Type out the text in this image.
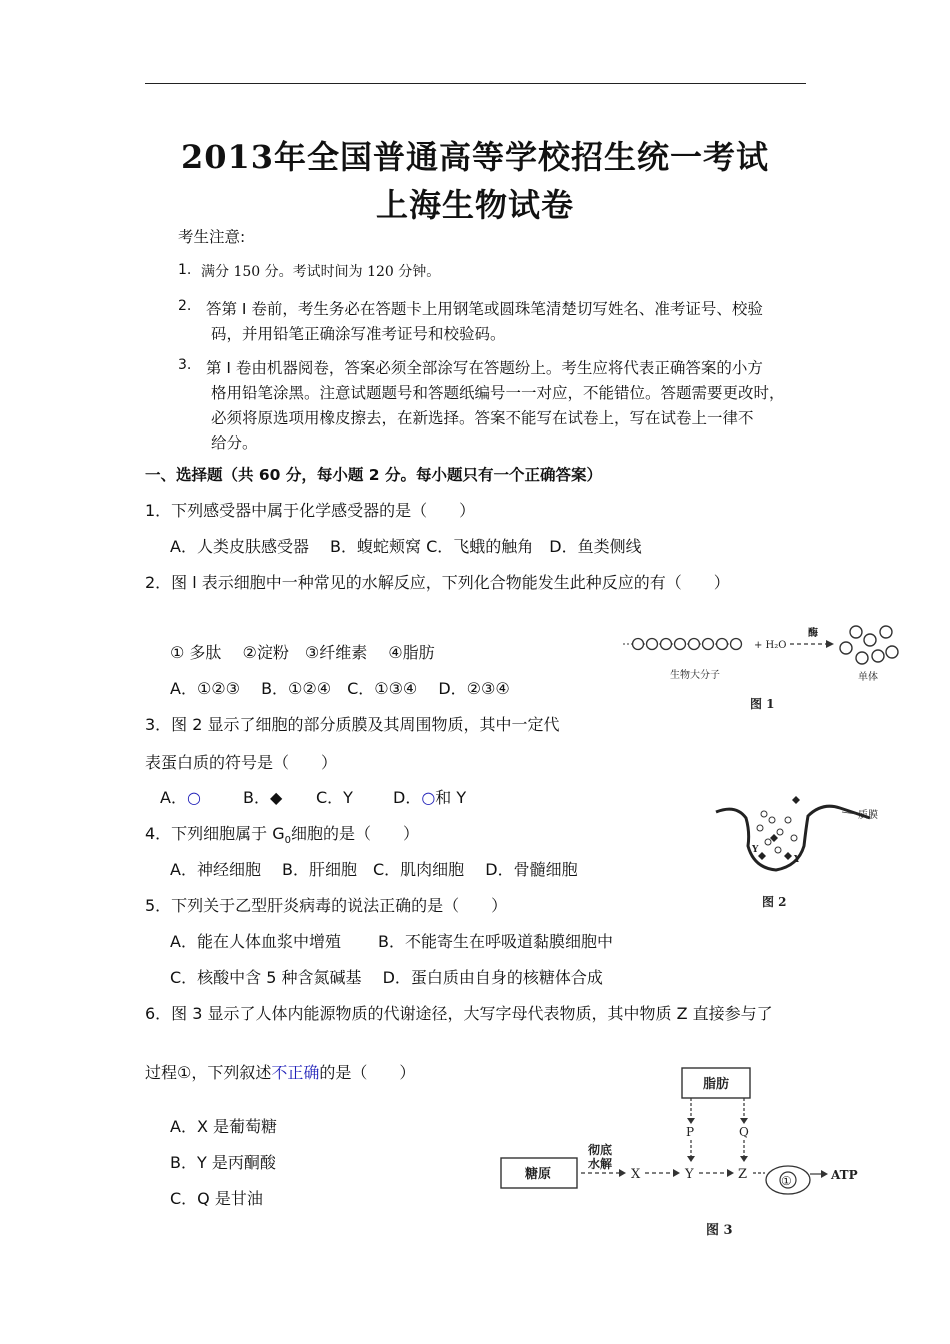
2013年全国普通高等学校招生统一考试
上海生物试卷
考生注意:
1. 满分 150 分。考试时间为 120 分钟。
2. 答第 I 卷前，考生务必在答题卡上用钢笔或圆珠笔清楚切写姓名、准考证号、校验
码，并用铅笔正确涂写准考证号和校验码。
3. 第 I 卷由机器阅卷，答案必须全部涂写在答题纷上。考生应将代表正确答案的小方
格用铅笔涂黑。注意试题题号和答题纸编号一一对应，不能错位。答题需要更改时，
必须将原选项用橡皮擦去，在新选择。答案不能写在试卷上，写在试卷上一律不
给分。
一、选择题（共 60 分，每小题 2 分。每小题只有一个正确答案）
1．下列感受器中属于化学感受器的是（　　）
A．人类皮肤感受器　 B．蝮蛇颊窝 C．飞蛾的触角　D．鱼类侧线
2．图 l 表示细胞中一种常见的水解反应，下列化合物能发生此种反应的有（　　）
① 多肽　 ②淀粉　③纤维素　 ④脂肪
A．①②③　 B．①②④　C．①③④　 D．②③④
3．图 2 显示了细胞的部分质膜及其周围物质，其中一定代
表蛋白质的符号是（　　）
A．○	B．◆ C．Y	D．○和 Y
4．下列细胞属于 $G_0$细胞的是（　　）
A．神经细胞　 B．肝细胞　C．肌肉细胞　 D．骨髓细胞
5．下列关于乙型肝炎病毒的说法正确的是（　　）
A．能在人体血浆中增殖　　 B．不能寄生在呼吸道黏膜细胞中
C．核酸中含 5 种含氮碱基　 D．蛋白质由自身的核糖体合成
6．图 3 显示了人体内能源物质的代谢途径，大写字母代表物质，其中物质 Z 直接参与了
过程①，下列叙述不正确的是（　　）
A．X 是葡萄糖
B．Y 是丙酮酸
C．Q 是甘油
+ H₂O
酶
生物大分子	单体
图 1
Y
Y
质膜
图 2
脂肪
P	Q
糖原
彻底
水解
X	Y	Z	①	ATP
图 3
